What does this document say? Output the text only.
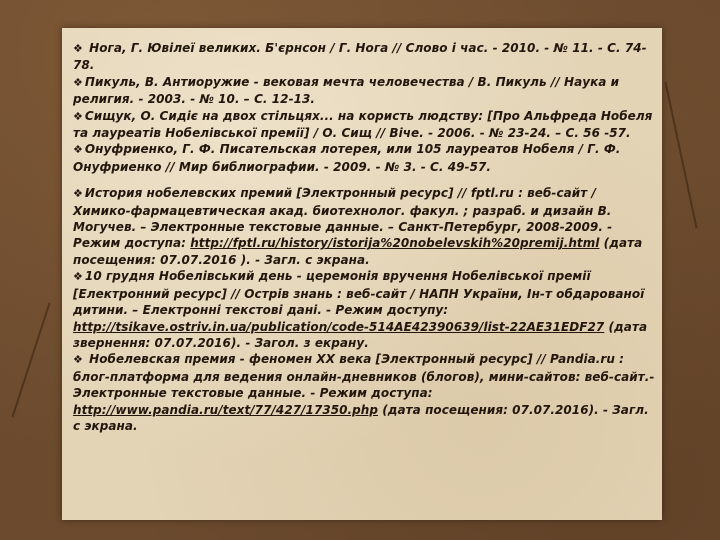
❖ Нога, Г. Ювілеї великих. Б'єрнсон / Г. Нога // Слово і час. - 2010. - № 11. - С. 74-78.

❖ Пикуль, В. Антиоружие - вековая мечта человечества / В. Пикуль // Наука и религия. - 2003. - № 10. – С. 12-13.

❖ Сищук, О. Сидіє на двох стільцях... на користь людству: [Про Альфреда Нобеля та лауреатів Нобелівської премії] / О. Сищ // Віче. - 2006. - № 23-24. – С. 56 -57.

❖ Онуфриенко, Г. Ф. Писательская лотерея, или 105 лауреатов Нобеля / Г. Ф. Онуфриенко // Мир библиографии. - 2009. - № 3. - С. 49-57.

❖ История нобелевских премий [Электронный ресурс] // fptl.ru : веб-сайт / Химико-фармацевтическая акад. биотехнолог. факул. ; разраб. и дизайн В. Могучев. – Электронные текстовые данные. – Санкт-Петербург, 2008-2009. - Режим доступа: http://fptl.ru/history/istorija%20nobelevskih%20premij.html (дата посещения: 07.07.2016 ). - Загл. с экрана.

❖ 10 грудня Нобелівський день - церемонія вручення Нобелівської премії [Електронний ресурс] // Острів знань : веб-сайт / НАПН України, Ін-т обдарованої дитини. – Електронні текстові дані. - Режим доступу: http://tsikave.ostriv.in.ua/publication/code-514AE42390639/list-22AE31EDF27 (дата звернення: 07.07.2016). - Загол. з екрану.

❖ Нобелевская премия - феномен ХХ века [Электронный ресурс] // Pandia.ru : блог-платформа для ведения онлайн-дневников (блогов), мини-сайтов: веб-сайт.- Электронные текстовые данные. - Режим доступа: http://www.pandia.ru/text/77/427/17350.php (дата посещения: 07.07.2016). - Загл. с экрана.
